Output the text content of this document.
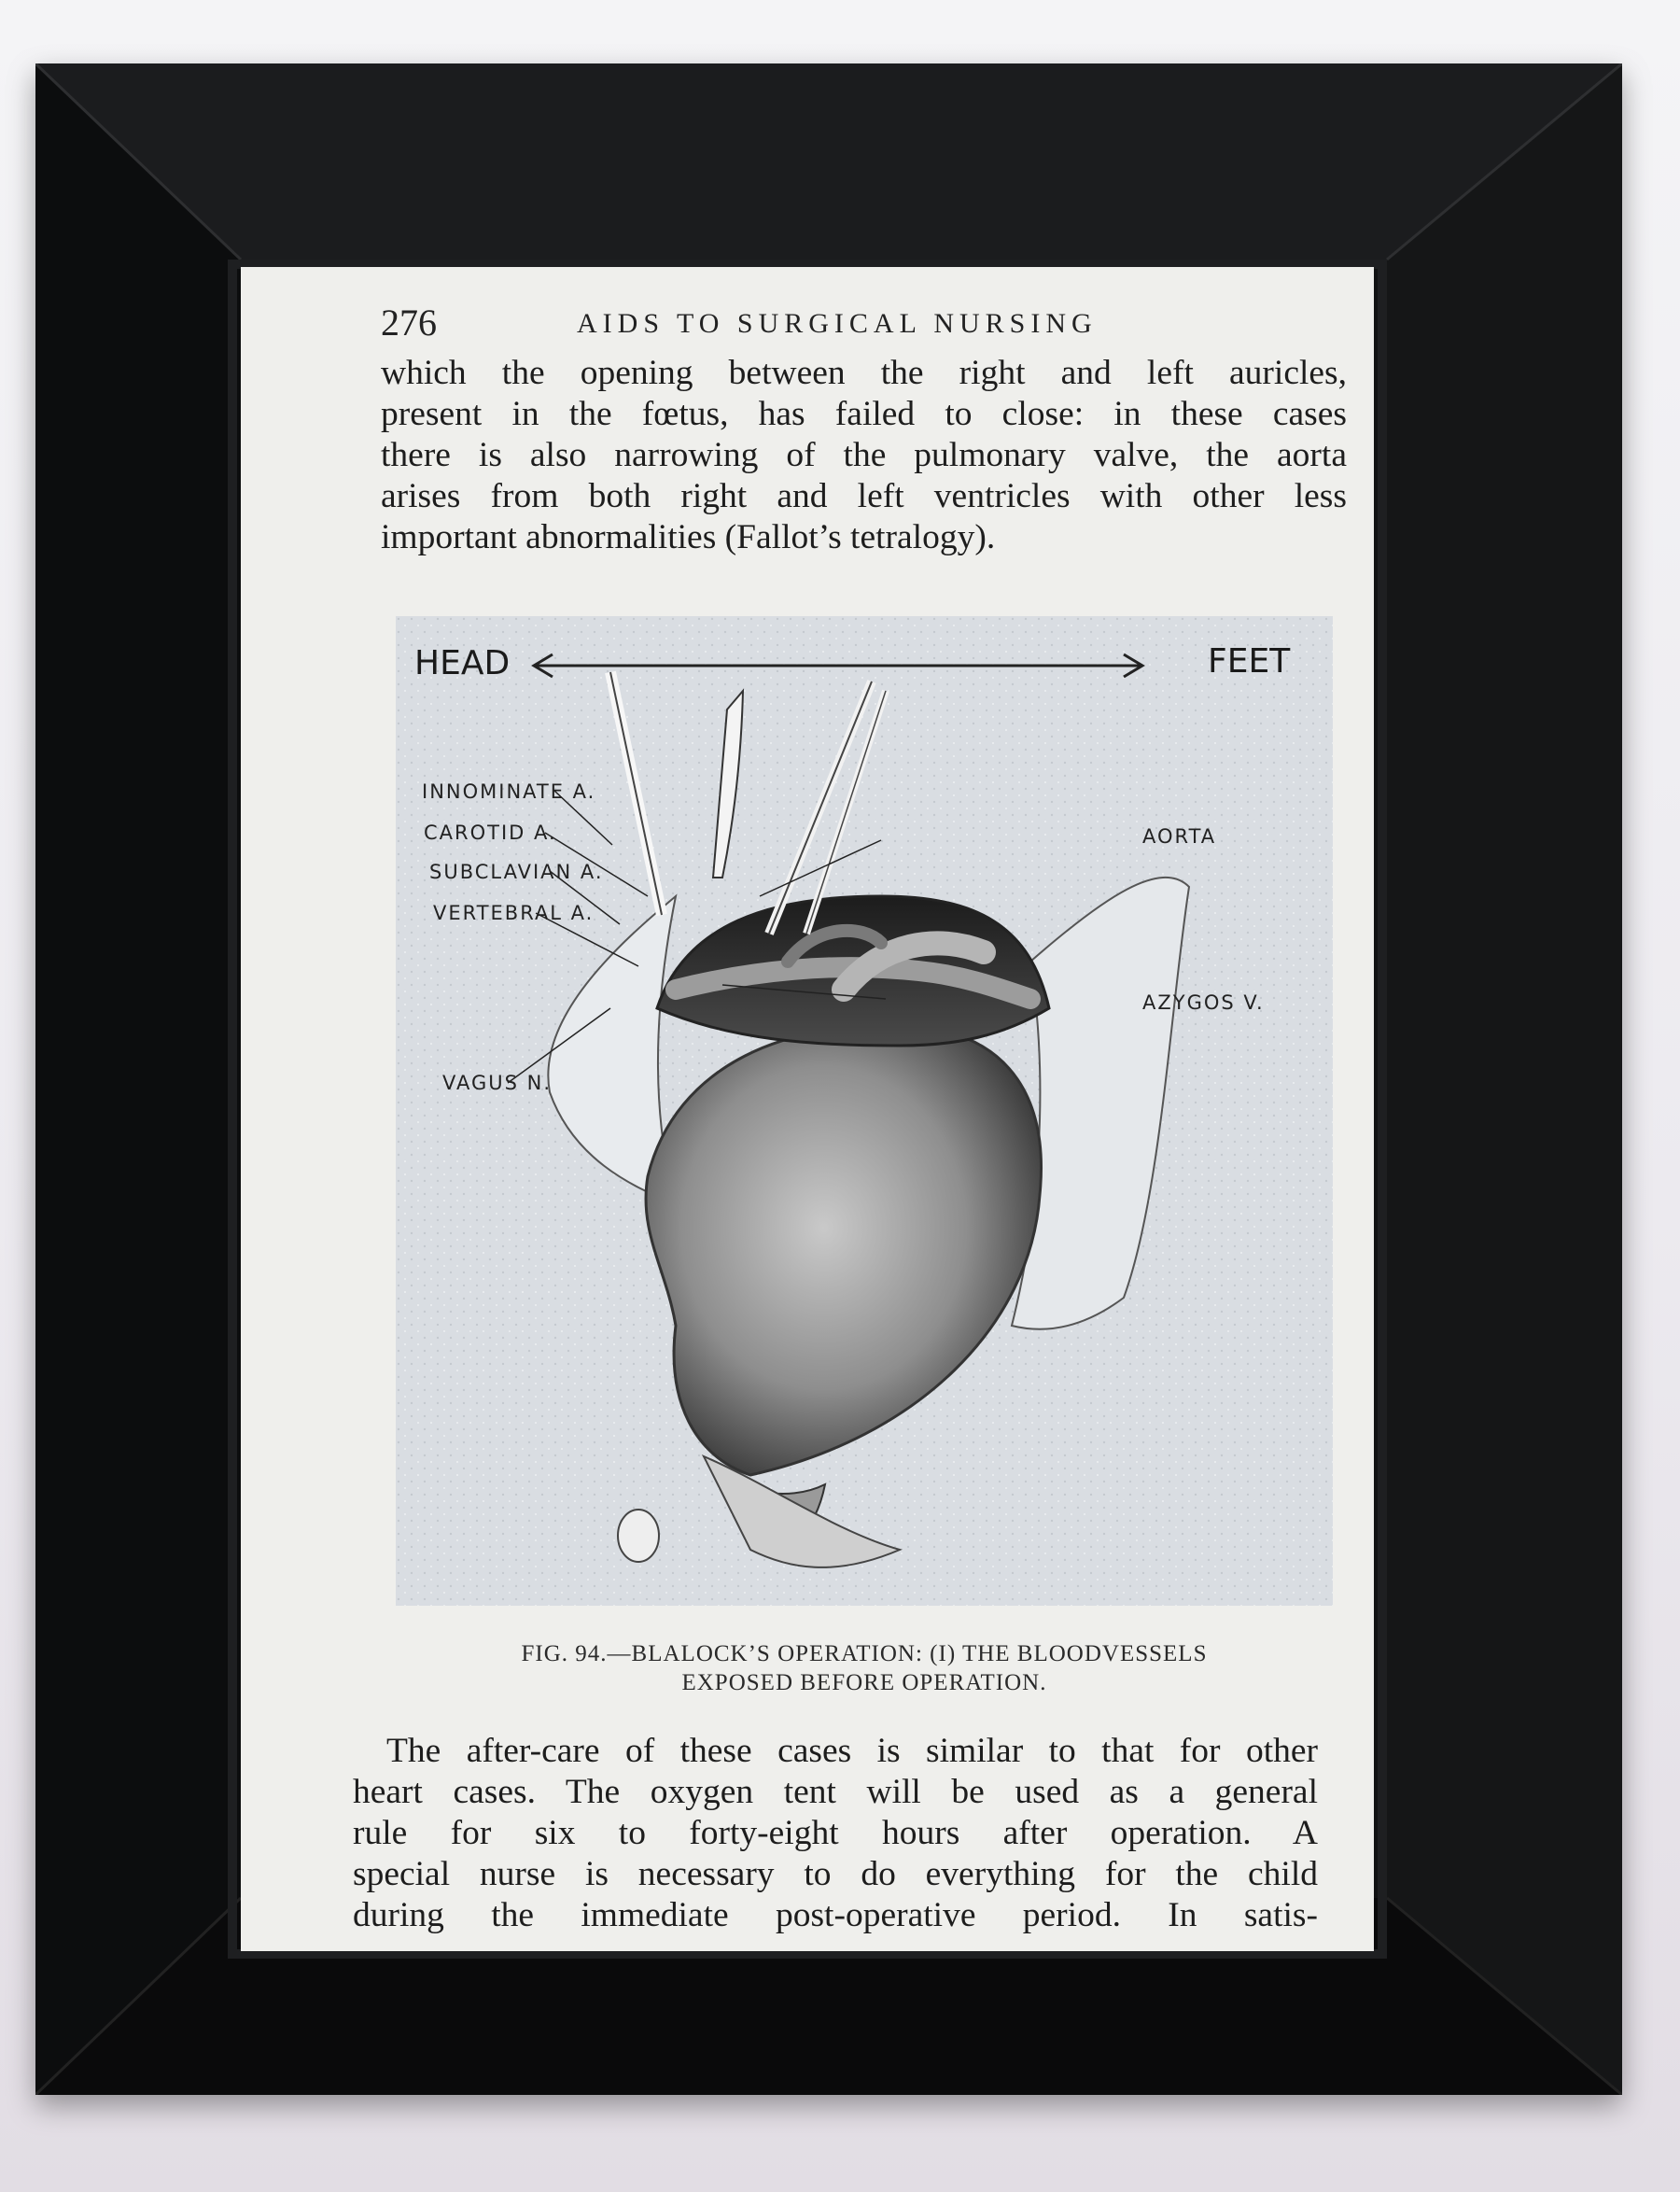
276	AIDS TO SURGICAL NURSING
which the opening between the right and left auricles,
present in the fœtus, has failed to close: in these cases
there is also narrowing of the pulmonary valve, the aorta
arises from both right and left ventricles with other less
important abnormalities (Fallot’s tetralogy).
HEAD	FEET
INNOMINATE A.
CAROTID A.
SUBCLAVIAN A.
VERTEBRAL A.
AORTA
AZYGOS V.
VAGUS N.
FIG. 94.—BLALOCK’S OPERATION: (I) THE BLOODVESSELS
EXPOSED BEFORE OPERATION.
The after-care of these cases is similar to that for other
heart cases. The oxygen tent will be used as a general
rule for six to forty-eight hours after operation. A
special nurse is necessary to do everything for the child
during the immediate post-operative period. In satis-
